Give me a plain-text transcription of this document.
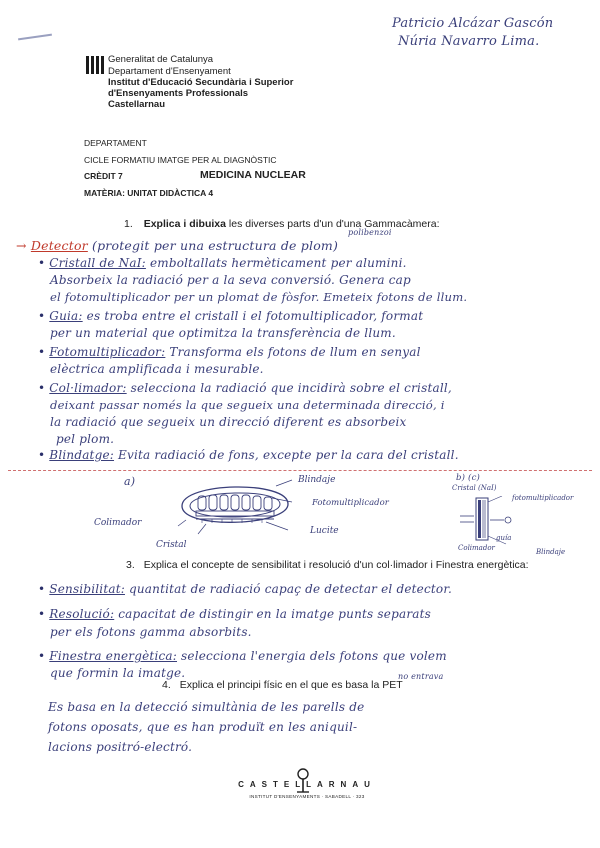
Patricio Alcázar Gascón
Núria Navarro Lima.
Generalitat de Catalunya
Departament d'Ensenyament
Institut d'Educació Secundària i Superior
d'Ensenyaments Professionals
Castellarnau
DEPARTAMENT
CICLE FORMATIU IMATGE PER AL DIAGNÒSTIC
CRÈDIT 7	MEDICINA NUCLEAR
MATÈRIA: UNITAT DIDÀCTICA 4
1. Explica i dibuixa les diverses parts d'un d'una Gammacàmera:
polibenzoi
→ Detector (protegit per una estructura de plom)
• Cristall de NaI: emboltallats hermèticament per alumini.
Absorbeix la radiació per a la seva conversió. Genera cap
el fotomultiplicador per un plomat de fòsfor. Emeteix fotons de llum.
• Guia: es troba entre el cristall i el fotomultiplicador, format
per un material que optimitza la transferència de llum.
• Fotomultiplicador: Transforma els fotons de llum en senyal
elèctrica amplificada i mesurable.
• Col·limador: selecciona la radiació que incidirà sobre el cristall,
deixant passar només la que segueix una determinada direcció, i
la radiació que segueix un direcció diferent es absorbeix
pel plom.
• Blindatge: Evita radiació de fons, excepte per la cara del cristall.
a)	Blindaje
Fotomultiplicador
Colimador
Lucite
Cristal
b) (c)
Cristal (NaI)
fotomultiplicador
guía
Colimador	Blindaje
3. Explica el concepte de sensibilitat i resolució d'un col·limador i Finestra energètica:
• Sensibilitat: quantitat de radiació capaç de detectar el detector.
• Resolució: capacitat de distingir en la imatge punts separats
per els fotons gamma absorbits.
• Finestra energètica: selecciona l'energia dels fotons que volem
que formin la imatge.
4. Explica el principi físic en el que es basa la PET
no entrava
Es basa en la detecció simultània de les parells de
fotons oposats, que es han produït en les aniquil-
lacions positró-electró.
CASTELLARNAU
INSTITUT D'ENSENYAMENTS · SABADELL · 323
